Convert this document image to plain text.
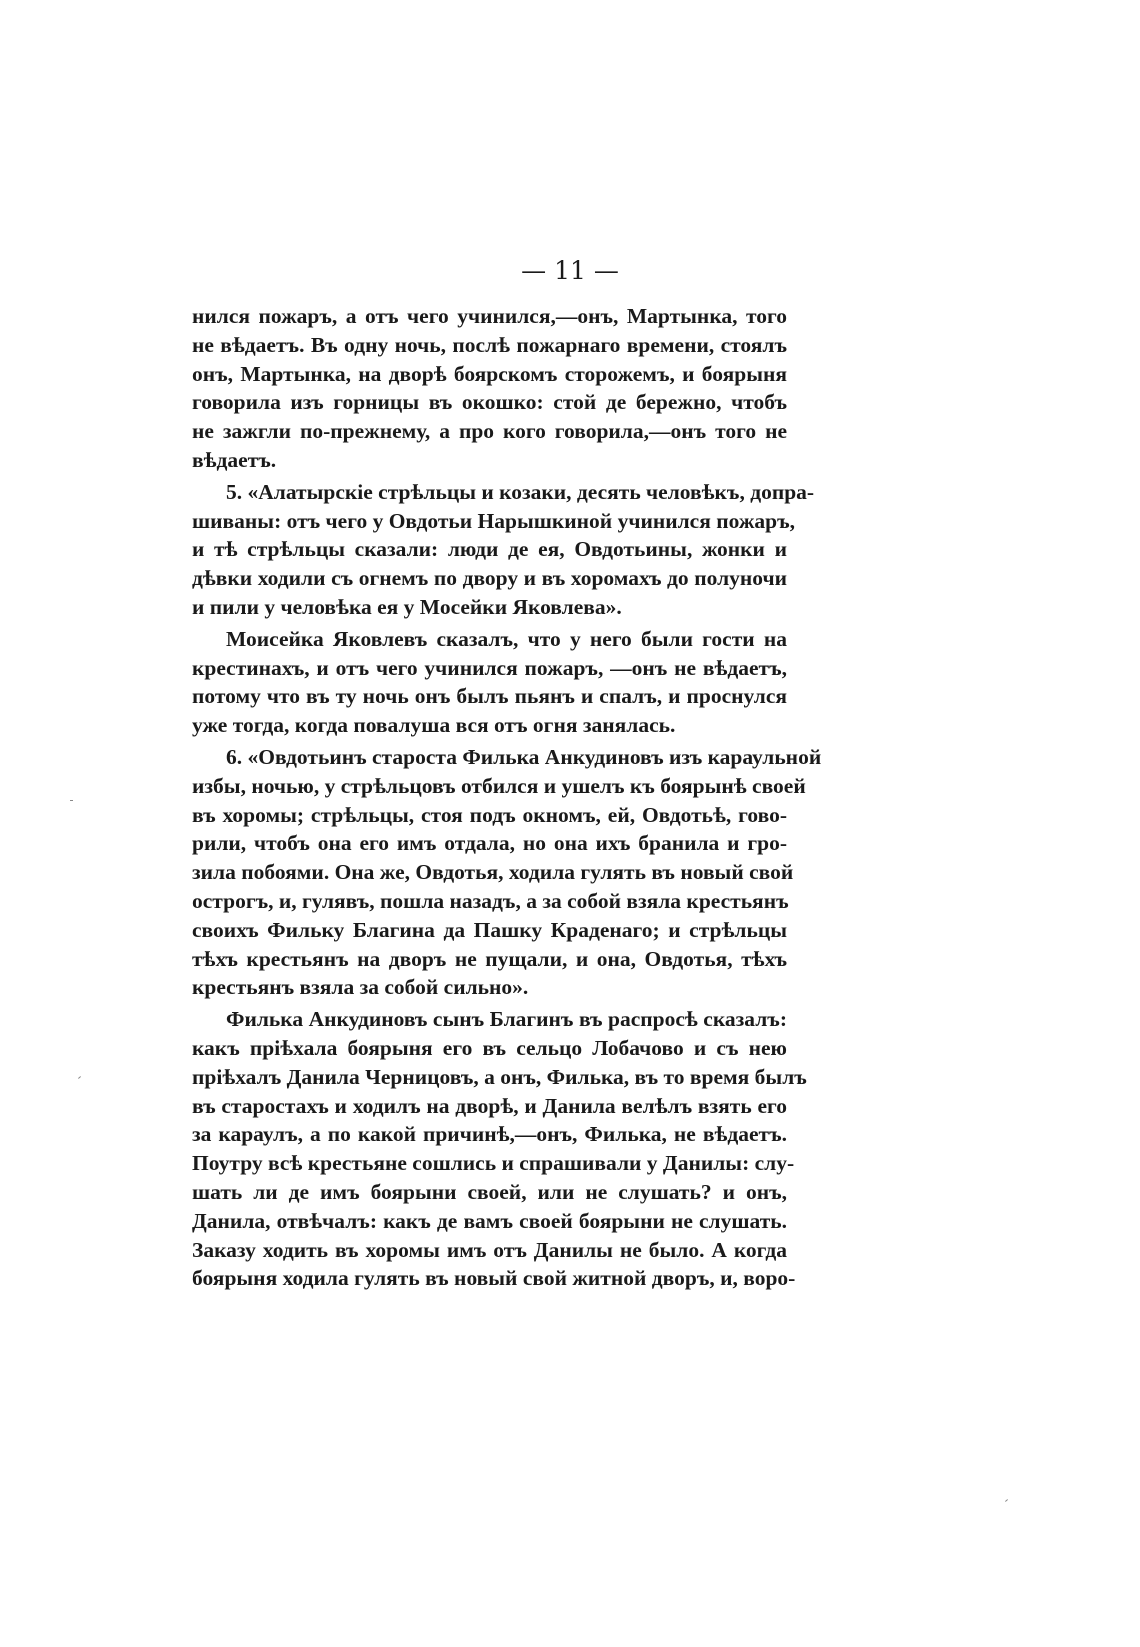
— 11 —
нился пожаръ, а отъ чего учинился,—онъ, Мартынка, того
не вѣдаетъ. Въ одну ночь, послѣ пожарнаго времени, стоялъ
онъ, Мартынка, на дворѣ боярскомъ сторожемъ, и боярыня
говорила изъ горницы въ окошко: стой де бережно, чтобъ
не зажгли по-прежнему, а про кого говорила,—онъ того не
вѣдаетъ.
5. «Алатырскіе стрѣльцы и козаки, десять человѣкъ, допра-
шиваны: отъ чего у Овдотьи Нарышкиной учинился пожаръ,
и тѣ стрѣльцы сказали: люди де ея, Овдотьины, жонки и
дѣвки ходили съ огнемъ по двору и въ хоромахъ до полуночи
и пили у человѣка ея у Мосейки Яковлева».
Моисейка Яковлевъ сказалъ, что у него были гости на
крестинахъ, и отъ чего учинился пожаръ, —онъ не вѣдаетъ,
потому что въ ту ночь онъ былъ пьянъ и спалъ, и проснулся
уже тогда, когда повалуша вся отъ огня занялась.
6. «Овдотьинъ староста Филька Анкудиновъ изъ караульной
избы, ночью, у стрѣльцовъ отбился и ушелъ къ боярынѣ своей
въ хоромы; стрѣльцы, стоя подъ окномъ, ей, Овдотьѣ, гово-
рили, чтобъ она его имъ отдала, но она ихъ бранила и гро-
зила побоями. Она же, Овдотья, ходила гулять въ новый свой
острогъ, и, гулявъ, пошла назадъ, а за собой взяла крестьянъ
своихъ Фильку Благина да Пашку Краденаго; и стрѣльцы
тѣхъ крестьянъ на дворъ не пущали, и она, Овдотья, тѣхъ
крестьянъ взяла за собой сильно».
Филька Анкудиновъ сынъ Благинъ въ распросѣ сказалъ:
какъ пріѣхала боярыня его въ сельцо Лобачово и съ нею
пріѣхалъ Данила Черницовъ, а онъ, Филька, въ то время былъ
въ старостахъ и ходилъ на дворѣ, и Данила велѣлъ взять его
за караулъ, а по какой причинѣ,—онъ, Филька, не вѣдаетъ.
Поутру всѣ крестьяне сошлись и спрашивали у Данилы: слу-
шать ли де имъ боярыни своей, или не слушать? и онъ,
Данила, отвѣчалъ: какъ де вамъ своей боярыни не слушать.
Заказу ходить въ хоромы имъ отъ Данилы не было. А когда
боярыня ходила гулять въ новый свой житной дворъ, и, воро-
